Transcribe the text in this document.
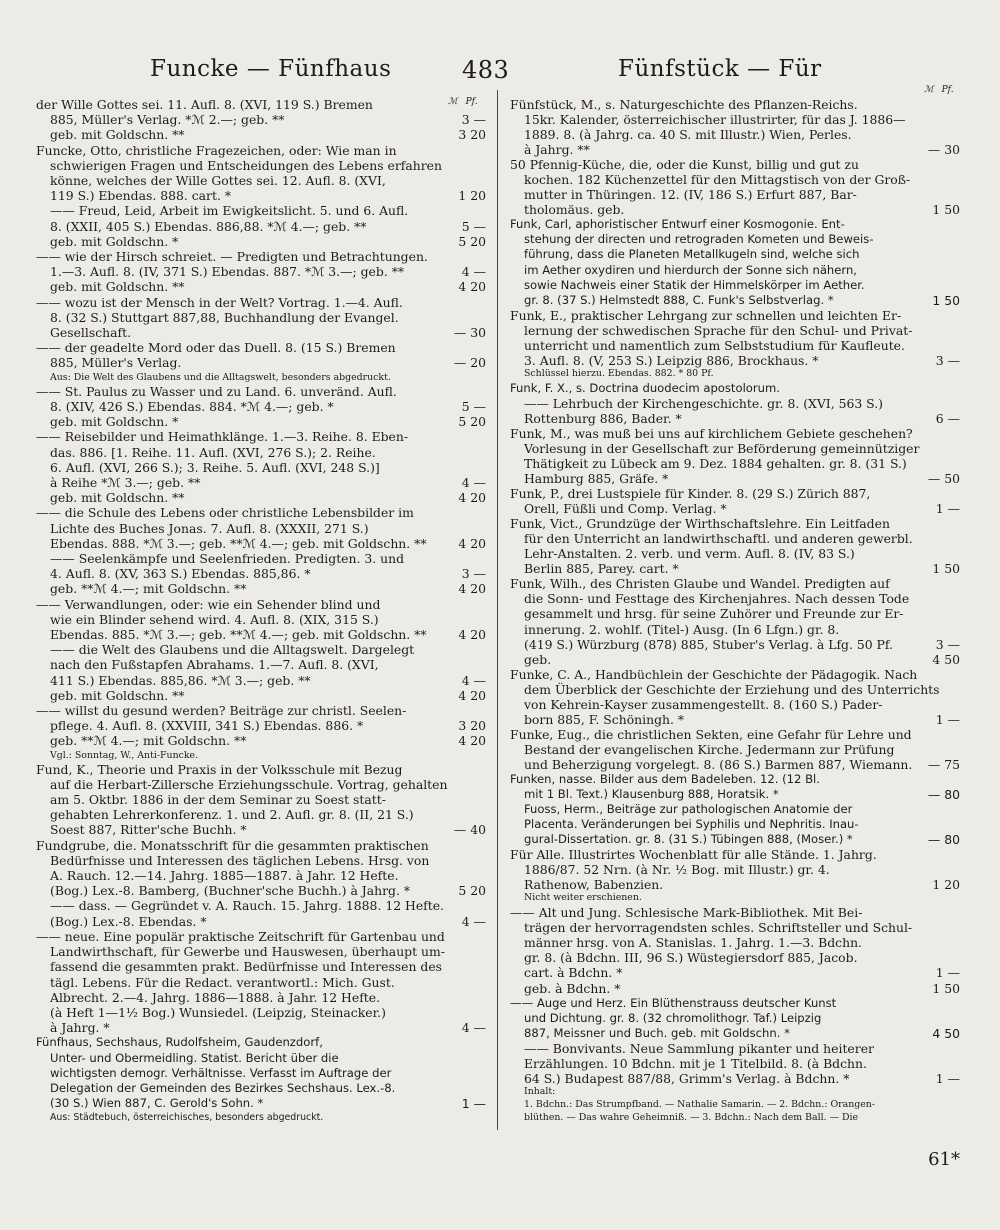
Funcke — Fünfhaus	483	Fünfstück — Für
ℳ Pf.
der Wille Gottes sei. 11. Aufl. 8. (XVI, 119 S.) Bremen
885, Müller's Verlag. *ℳ 2.—; geb. **	3 —
geb. mit Goldschn. **	3 20
Funcke, Otto, christliche Fragezeichen, oder: Wie man in
schwierigen Fragen und Entscheidungen des Lebens erfahren
könne, welches der Wille Gottes sei. 12. Aufl. 8. (XVI,
119 S.) Ebendas. 888. cart. *	1 20
—— Freud, Leid, Arbeit im Ewigkeitslicht. 5. und 6. Aufl.
8. (XXII, 405 S.) Ebendas. 886,88. *ℳ 4.—; geb. **	5 —
geb. mit Goldschn. *	5 20
—— wie der Hirsch schreiet. — Predigten und Betrachtungen.
1.—3. Aufl. 8. (IV, 371 S.) Ebendas. 887. *ℳ 3.—; geb. **	4 —
geb. mit Goldschn. **	4 20
—— wozu ist der Mensch in der Welt? Vortrag. 1.—4. Aufl.
8. (32 S.) Stuttgart 887,88, Buchhandlung der Evangel.
Gesellschaft.	— 30
—— der geadelte Mord oder das Duell. 8. (15 S.) Bremen
885, Müller's Verlag.	— 20
Aus: Die Welt des Glaubens und die Alltagswelt, besonders abgedruckt.
—— St. Paulus zu Wasser und zu Land. 6. unveränd. Aufl.
8. (XIV, 426 S.) Ebendas. 884. *ℳ 4.—; geb. *	5 —
geb. mit Goldschn. *	5 20
—— Reisebilder und Heimathklänge. 1.—3. Reihe. 8. Eben-
das. 886. [1. Reihe. 11. Aufl. (XVI, 276 S.); 2. Reihe.
6. Aufl. (XVI, 266 S.); 3. Reihe. 5. Aufl. (XVI, 248 S.)]
à Reihe *ℳ 3.—; geb. **	4 —
geb. mit Goldschn. **	4 20
—— die Schule des Lebens oder christliche Lebensbilder im
Lichte des Buches Jonas. 7. Aufl. 8. (XXXII, 271 S.)
Ebendas. 888. *ℳ 3.—; geb. **ℳ 4.—; geb. mit Goldschn. **	4 20
—— Seelenkämpfe und Seelenfrieden. Predigten. 3. und
4. Aufl. 8. (XV, 363 S.) Ebendas. 885,86. *	3 —
geb. **ℳ 4.—; mit Goldschn. **	4 20
—— Verwandlungen, oder: wie ein Sehender blind und
wie ein Blinder sehend wird. 4. Aufl. 8. (XIX, 315 S.)
Ebendas. 885. *ℳ 3.—; geb. **ℳ 4.—; geb. mit Goldschn. **	4 20
—— die Welt des Glaubens und die Alltagswelt. Dargelegt
nach den Fußstapfen Abrahams. 1.—7. Aufl. 8. (XVI,
411 S.) Ebendas. 885,86. *ℳ 3.—; geb. **	4 —
geb. mit Goldschn. **	4 20
—— willst du gesund werden? Beiträge zur christl. Seelen-
pflege. 4. Aufl. 8. (XXVIII, 341 S.) Ebendas. 886. *	3 20
geb. **ℳ 4.—; mit Goldschn. **	4 20
Vgl.: Sonntag, W., Anti-Funcke.
Fund, K., Theorie und Praxis in der Volksschule mit Bezug
auf die Herbart-Zillersche Erziehungsschule. Vortrag, gehalten
am 5. Oktbr. 1886 in der dem Seminar zu Soest statt-
gehabten Lehrerkonferenz. 1. und 2. Aufl. gr. 8. (II, 21 S.)
Soest 887, Ritter'sche Buchh. *	— 40
Fundgrube, die. Monatsschrift für die gesammten praktischen
Bedürfnisse und Interessen des täglichen Lebens. Hrsg. von
A. Rauch. 12.—14. Jahrg. 1885—1887. à Jahr. 12 Hefte.
(Bog.) Lex.-8. Bamberg, (Buchner'sche Buchh.) à Jahrg. *	5 20
—— dass. — Gegründet v. A. Rauch. 15. Jahrg. 1888. 12 Hefte.
(Bog.) Lex.-8. Ebendas. *	4 —
—— neue. Eine populär praktische Zeitschrift für Gartenbau und
Landwirthschaft, für Gewerbe und Hauswesen, überhaupt um-
fassend die gesammten prakt. Bedürfnisse und Interessen des
tägl. Lebens. Für die Redact. verantwortl.: Mich. Gust.
Albrecht. 2.—4. Jahrg. 1886—1888. à Jahr. 12 Hefte.
(à Heft 1—1½ Bog.) Wunsiedel. (Leipzig, Steinacker.)
à Jahrg. *	4 —
Fünfhaus, Sechshaus, Rudolfsheim, Gaudenzdorf,
Unter- und Obermeidling. Statist. Bericht über die
wichtigsten demogr. Verhältnisse. Verfasst im Auftrage der
Delegation der Gemeinden des Bezirkes Sechshaus. Lex.-8.
(30 S.) Wien 887, C. Gerold's Sohn. *	1 —
Aus: Städtebuch, österreichisches, besonders abgedruckt.
ℳ Pf.
Fünfstück, M., s. Naturgeschichte des Pflanzen-Reichs.
15kr. Kalender, österreichischer illustrirter, für das J. 1886—
1889. 8. (à Jahrg. ca. 40 S. mit Illustr.) Wien, Perles.
à Jahrg. **	— 30
50 Pfennig-Küche, die, oder die Kunst, billig und gut zu
kochen. 182 Küchenzettel für den Mittagstisch von der Groß-
mutter in Thüringen. 12. (IV, 186 S.) Erfurt 887, Bar-
tholomäus. geb.	1 50
Funk, Carl, aphoristischer Entwurf einer Kosmogonie. Ent-
stehung der directen und retrograden Kometen und Beweis-
führung, dass die Planeten Metallkugeln sind, welche sich
im Aether oxydiren und hierdurch der Sonne sich nähern,
sowie Nachweis einer Statik der Himmelskörper im Aether.
gr. 8. (37 S.) Helmstedt 888, C. Funk's Selbstverlag. *	1 50
Funk, E., praktischer Lehrgang zur schnellen und leichten Er-
lernung der schwedischen Sprache für den Schul- und Privat-
unterricht und namentlich zum Selbststudium für Kaufleute.
3. Aufl. 8. (V, 253 S.) Leipzig 886, Brockhaus. *	3 —
Schlüssel hierzu. Ebendas. 882. * 80 Pf.
Funk, F. X., s. Doctrina duodecim apostolorum.
—— Lehrbuch der Kirchengeschichte. gr. 8. (XVI, 563 S.)
Rottenburg 886, Bader. *	6 —
Funk, M., was muß bei uns auf kirchlichem Gebiete geschehen?
Vorlesung in der Gesellschaft zur Beförderung gemeinnütziger
Thätigkeit zu Lübeck am 9. Dez. 1884 gehalten. gr. 8. (31 S.)
Hamburg 885, Gräfe. *	— 50
Funk, P., drei Lustspiele für Kinder. 8. (29 S.) Zürich 887,
Orell, Füßli und Comp. Verlag. *	1 —
Funk, Vict., Grundzüge der Wirthschaftslehre. Ein Leitfaden
für den Unterricht an landwirthschaftl. und anderen gewerbl.
Lehr-Anstalten. 2. verb. und verm. Aufl. 8. (IV, 83 S.)
Berlin 885, Parey. cart. *	1 50
Funk, Wilh., des Christen Glaube und Wandel. Predigten auf
die Sonn- und Festtage des Kirchenjahres. Nach dessen Tode
gesammelt und hrsg. für seine Zuhörer und Freunde zur Er-
innerung. 2. wohlf. (Titel-) Ausg. (In 6 Lfgn.) gr. 8.
(419 S.) Würzburg (878) 885, Stuber's Verlag. à Lfg. 50 Pf.	3 —
geb.	4 50
Funke, C. A., Handbüchlein der Geschichte der Pädagogik. Nach
dem Überblick der Geschichte der Erziehung und des Unterrichts
von Kehrein-Kayser zusammengestellt. 8. (160 S.) Pader-
born 885, F. Schöningh. *	1 —
Funke, Eug., die christlichen Sekten, eine Gefahr für Lehre und
Bestand der evangelischen Kirche. Jedermann zur Prüfung
und Beherzigung vorgelegt. 8. (86 S.) Barmen 887, Wiemann.	— 75
Funken, nasse. Bilder aus dem Badeleben. 12. (12 Bl.
mit 1 Bl. Text.) Klausenburg 888, Horatsik. *	— 80
Fuoss, Herm., Beiträge zur pathologischen Anatomie der
Placenta. Veränderungen bei Syphilis und Nephritis. Inau-
gural-Dissertation. gr. 8. (31 S.) Tübingen 888, (Moser.) *	— 80
Für Alle. Illustrirtes Wochenblatt für alle Stände. 1. Jahrg.
1886/87. 52 Nrn. (à Nr. ½ Bog. mit Illustr.) gr. 4.
Rathenow, Babenzien.	1 20
Nicht weiter erschienen.
—— Alt und Jung. Schlesische Mark-Bibliothek. Mit Bei-
trägen der hervorragendsten schles. Schriftsteller und Schul-
männer hrsg. von A. Stanislas. 1. Jahrg. 1.—3. Bdchn.
gr. 8. (à Bdchn. III, 96 S.) Wüstegiersdorf 885, Jacob.
cart. à Bdchn. *	1 —
geb. à Bdchn. *	1 50
—— Auge und Herz. Ein Blüthenstrauss deutscher Kunst
und Dichtung. gr. 8. (32 chromolithogr. Taf.) Leipzig
887, Meissner und Buch. geb. mit Goldschn. *	4 50
—— Bonvivants. Neue Sammlung pikanter und heiterer
Erzählungen. 10 Bdchn. mit je 1 Titelbild. 8. (à Bdchn.
64 S.) Budapest 887/88, Grimm's Verlag. à Bdchn. *	1 —
Inhalt:
1. Bdchn.: Das Strumpfband. — Nathalie Samarin. — 2. Bdchn.: Orangen-
blüthen. — Das wahre Geheimniß. — 3. Bdchn.: Nach dem Ball. — Die
61*
